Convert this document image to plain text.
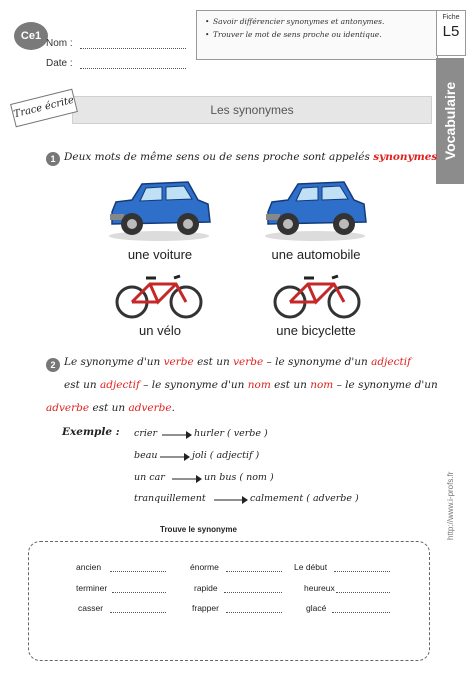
Ce1
Nom :
Date :
• Savoir différencier synonymes et antonymes.
• Trouver le mot de sens proche ou identique.
Fiche
L5
Vocabulaire
http://www.i-profs.fr
Les synonymes
Trace écrite
1 Deux mots de même sens ou de sens proche sont appelés synonymes
une voiture	une automobile
un vélo	une bicyclette
2 Le synonyme d'un verbe est un verbe – le synonyme d'un adjectif
est un adjectif – le synonyme d'un nom est un nom – le synonyme d'un
adverbe est un adverbe.
Exemple : crier	hurler ( verbe )
beau	joli ( adjectif )
un car	un bus ( nom )
tranquillement	calmement ( adverbe )
Trouve le synonyme
ancien	énorme	Le début
terminer	rapide	heureux
casser	frapper	glacé
